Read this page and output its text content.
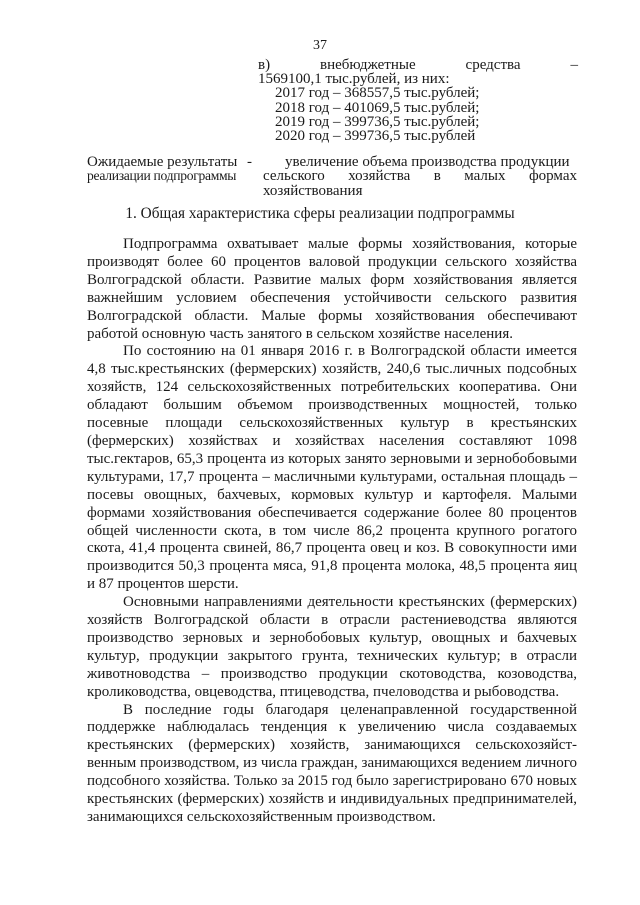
37
в)	внебюджетные	средства	–
1569100,1 тыс.рублей, из них:
2017 год – 368557,5 тыс.рублей;
2018 год – 401069,5 тыс.рублей;
2019 год – 399736,5 тыс.рублей;
2020 год – 399736,5 тыс.рублей
Ожидаемые результаты
реализации подпрограммы
-	увеличение объема производства продукции
сельского хозяйства в малых формах
хозяйствования
1. Общая характеристика сферы реализации подпрограммы

Подпрограмма охватывает малые формы хозяйствования, которые производят более 60 процентов валовой продукции сельского хозяйства Волгоградской области. Развитие малых форм хозяйствования является важнейшим условием обеспечения устойчивости сельского развития Волгоградской области. Малые формы хозяйствования обеспечивают работой основную часть занятого в сельском хозяйстве населения.

По состоянию на 01 января 2016 г. в Волгоградской области имеется 4,8 тыс.крестьянских (фермерских) хозяйств, 240,6 тыс.личных подсобных хозяйств, 124 сельскохозяйственных потребительских кооператива. Они обладают большим объемом производственных мощностей, только посевные площади сельскохозяйственных культур в крестьянских (фермерских) хозяйствах и хозяйствах населения составляют 1098 тыс.гектаров, 65,3 процента из которых занято зерновыми и зернобобовыми культурами, 17,7 процента – масличными культурами, остальная площадь – посевы овощных, бахчевых, кормовых культур и картофеля. Малыми формами хозяйствования обеспечивается содержание более 80 процентов общей численности скота, в том числе 86,2 процента крупного рогатого скота, 41,4 процента свиней, 86,7 процента овец и коз. В совокупности ими производится 50,3 процента мяса, 91,8 процента молока, 48,5 процента яиц и 87 процентов шерсти.

Основными направлениями деятельности крестьянских (фермерских) хозяйств Волгоградской области в отрасли растениеводства являются производство зерновых и зернобобовых культур, овощных и бахчевых культур, продукции закрытого грунта, технических культур; в отрасли животноводства – производство продукции скотоводства, козоводства, кролиководства, овцеводства, птицеводства, пчеловодства и рыбоводства.

В последние годы благодаря целенаправленной государственной поддержке наблюдалась тенденция к увеличению числа создаваемых крестьянских (фермерских) хозяйств, занимающихся сельскохозяйст-венным производством, из числа граждан, занимающихся ведением личного подсобного хозяйства. Только за 2015 год было зарегистрировано 670 новых крестьянских (фермерских) хозяйств и индивидуальных предпринимателей, занимающихся сельскохозяйственным производством.
